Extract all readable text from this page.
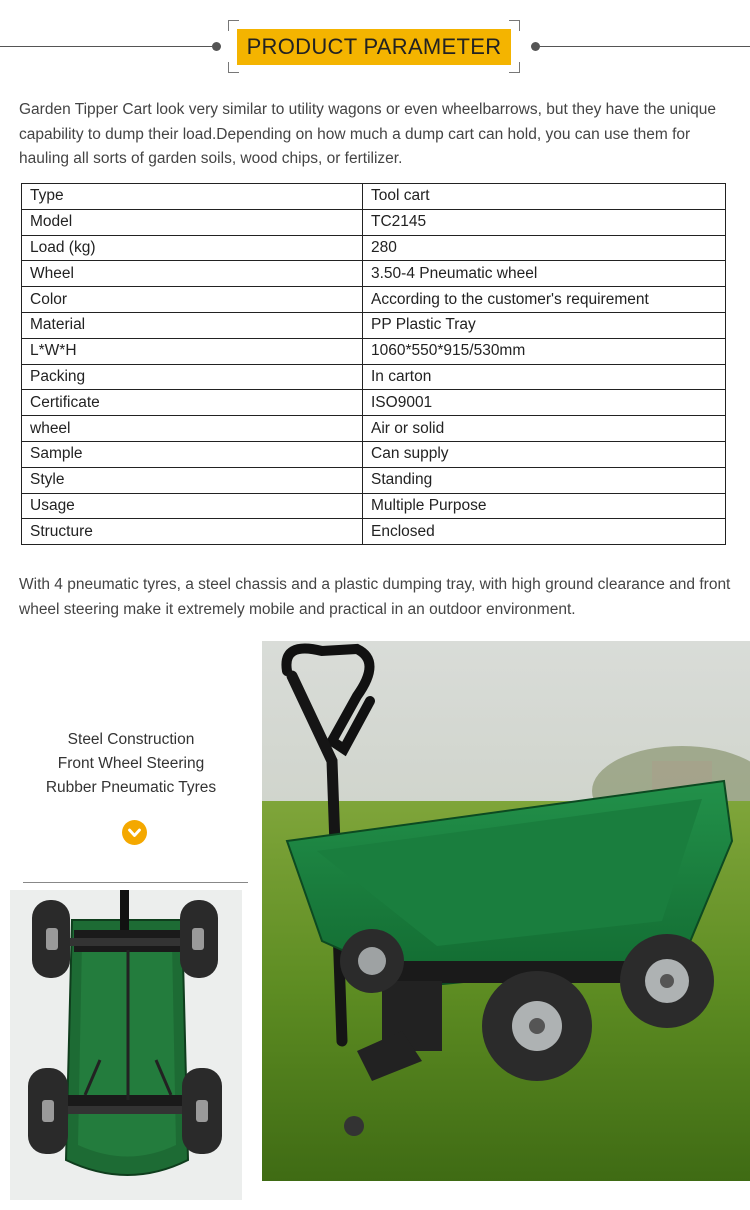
PRODUCT PARAMETER
Garden Tipper Cart look very similar to utility wagons or even wheelbarrows, but they have the unique capability to dump their load.Depending on how much a dump cart can hold, you can use them for hauling all sorts of garden soils, wood chips, or fertilizer.
Type	Tool cart
Model	TC2145
Load (kg)	280
Wheel	3.50-4 Pneumatic wheel
Color	According to the customer's requirement
Material	PP Plastic Tray
L*W*H	1060*550*915/530mm
Packing	In carton
Certificate	ISO9001
wheel	Air or solid
Sample	Can supply
Style	Standing
Usage	Multiple Purpose
Structure	Enclosed
With 4 pneumatic tyres, a steel chassis and a plastic dumping tray, with high ground clearance and front wheel steering make it extremely mobile and practical in an outdoor environment.
Steel Construction
Front Wheel Steering
Rubber Pneumatic Tyres
